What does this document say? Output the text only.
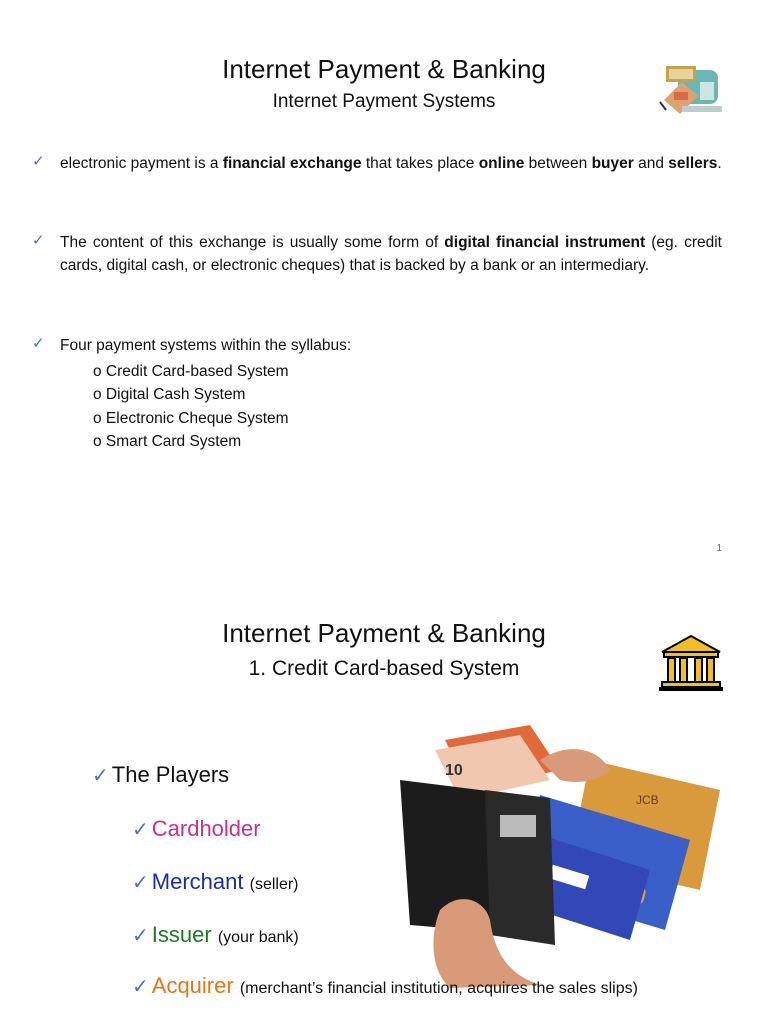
Internet Payment & Banking
Internet Payment Systems
✓ electronic payment is a financial exchange that takes place online between buyer and sellers.
✓ The content of this exchange is usually some form of digital financial instrument (eg. credit cards, digital cash, or electronic cheques) that is backed by a bank or an intermediary.
✓ Four payment systems within the syllabus:
o Credit Card-based System
o Digital Cash System
o Electronic Cheque System
o Smart Card System
1
Internet Payment & Banking
1. Credit Card-based System
JCB
10
✓ The Players
✓ Cardholder
✓ Merchant (seller)
✓ Issuer (your bank)
✓ Acquirer (merchant’s financial institution, acquires the sales slips)
